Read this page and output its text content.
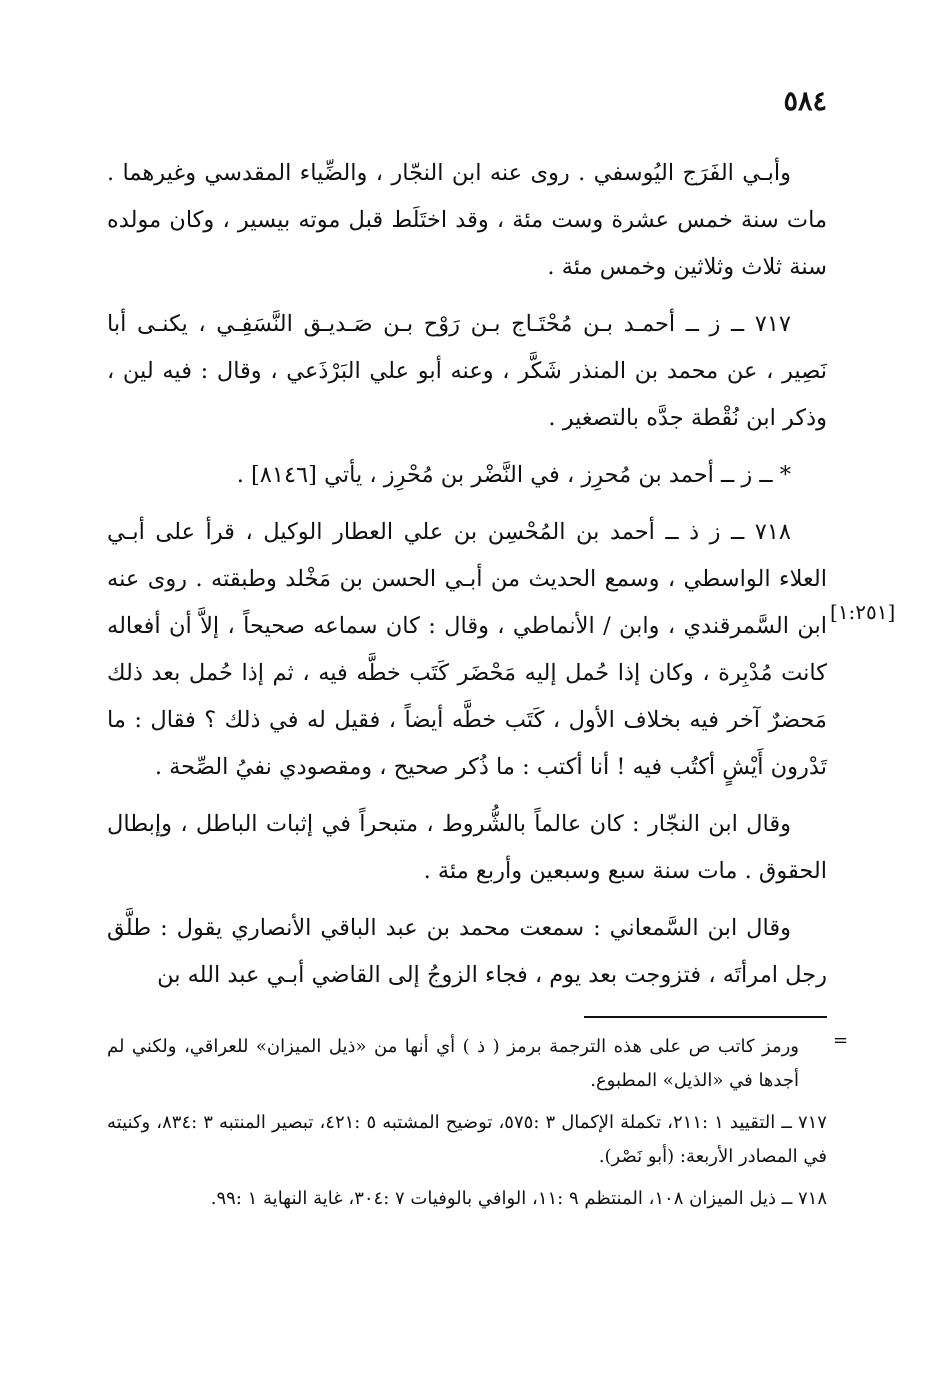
٥٨٤

وأبـي الفَرَج اليُوسفي . روى عنه ابن النجّار ، والضِّياء المقدسي وغيرهما . مات سنة خمس عشرة وست مئة ، وقد اختَلَط قبل موته بيسير ، وكان مولده سنة ثلاث وثلاثين وخمس مئة .

٧١٧ ــ ز ــ أحمـد بـن مُحْتَـاج بـن رَوْح بـن صَـديـق النَّسَفِـي ، يكنـى أبا نَصِير ، عن محمد بن المنذر شَكَّر ، وعنه أبو علي البَرْذَعي ، وقال : فيه لين ، وذكر ابن نُقْطة جدَّه بالتصغير .

* ــ ز ــ أحمد بن مُحرِز ، في النَّضْر بن مُحْرِز ، يأتي [٨١٤٦] .

٧١٨ ــ ز ذ ــ أحمد بن المُحْسِن بن علي العطار الوكيل ، قرأ على أبـي العلاء الواسطي ، وسمع الحديث من أبـي الحسن بن مَخْلد وطبقته . روى عنه ابن السَّمرقندي ، وابن / الأنماطي ، وقال : كان سماعه صحيحاً ، إلاَّ أن أفعاله كانت مُدْبِرة ، وكان إذا حُمل إليه مَحْضَر كَتَب خطَّه فيه ، ثم إذا حُمل بعد ذلك مَحضرٌ آخر فيه بخلاف الأول ، كَتَب خطَّه أيضاً ، فقيل له في ذلك ؟ فقال : ما تَدْرون أَيْشٍ أكتُب فيه ! أنا أكتب : ما ذُكر صحيح ، ومقصودي نفيُ الصِّحة .

وقال ابن النجّار : كان عالماً بالشُّروط ، متبحراً في إثبات الباطل ، وإبطال الحقوق . مات سنة سبع وسبعين وأربع مئة .

وقال ابن السَّمعاني : سمعت محمد بن عبد الباقي الأنصاري يقول : طلَّق رجل امرأتَه ، فتزوجت بعد يوم ، فجاء الزوجُ إلى القاضي أبـي عبد الله بن

[١:٢٥١]
=

ورمز كاتب ص على هذه الترجمة برمز ( ذ ) أي أنها من «ذيل الميزان» للعراقي، ولكني لم أجدها في «الذيل» المطبوع.

٧١٧ ــ التقييد ١ :٢١١، تكملة الإكمال ٣ :٥٧٥، توضيح المشتبه ٥ :٤٢١، تبصير المنتبه ٣ :٨٣٤، وكنيته في المصادر الأربعة: (أبو نَصْر).

٧١٨ ــ ذيل الميزان ١٠٨، المنتظم ٩ :١١، الوافي بالوفيات ٧ :٣٠٤، غاية النهاية ١ :٩٩.
